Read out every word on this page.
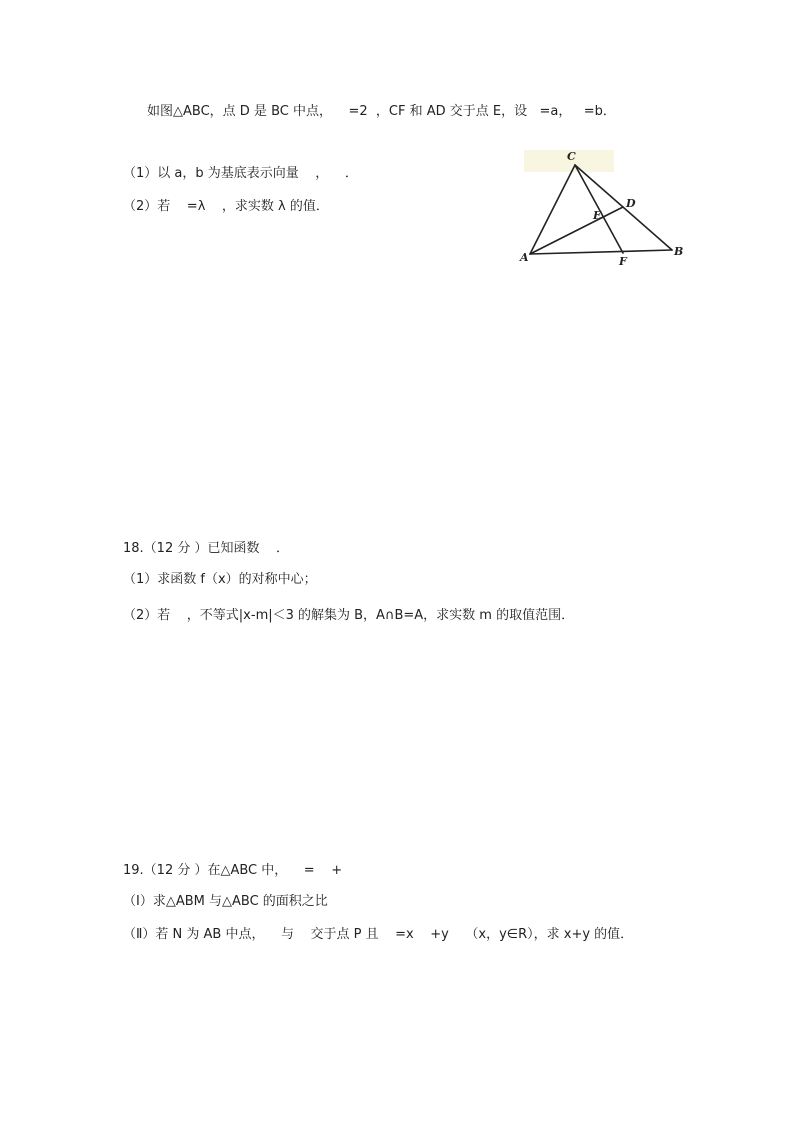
如图△ABC，点 D 是 BC 中点，    =2  ，CF 和 AD 交于点 E，设   =a，   =b．
（1）以 a，b 为基底表示向量    ，    ．
（2）若    =λ    ，求实数 λ 的值．
C
A	B
D
E
F
18.（12 分 ）已知函数    ．
（1）求函数 f（x）的对称中心；
（2）若    ，不等式|x-m|＜3 的解集为 B，A∩B=A，求实数 m 的取值范围．
19.（12 分 ）在△ABC 中，    =    +
（Ⅰ）求△ABM 与△ABC 的面积之比
（Ⅱ）若 N 为 AB 中点，    与    交于点 P 且    =x    +y    （x，y∈R），求 x+y 的值．
